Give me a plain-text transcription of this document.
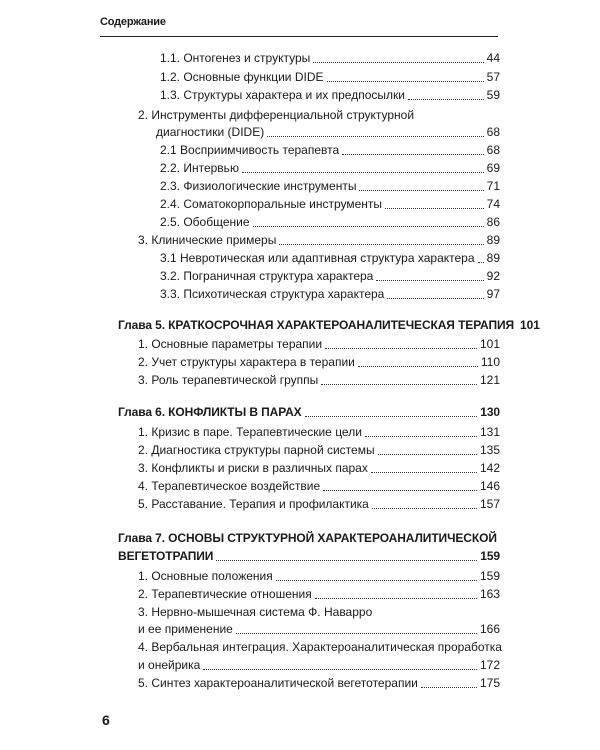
Содержание
1.1. Онтогенез и структуры	44
1.2. Основные функции DIDE	57
1.3. Структуры характера и их предпосылки	59
2. Инструменты дифференциальной структурной
диагностики (DIDE)	68
2.1 Восприимчивость терапевта	68
2.2. Интервью	69
2.3. Физиологические инструменты	71
2.4. Соматокорпоральные инструменты	74
2.5. Обобщение	86
3. Клинические примеры	89
3.1 Невротическая или адаптивная структура характера 89
3.2. Пограничная структура характера	92
3.3. Психотическая структура характера	97
Глава 5. КРАТКОСРОЧНАЯ ХАРАКТЕРОАНАЛИТЕЧЕСКАЯ ТЕРАПИЯ 101
1. Основные параметры терапии	101
2. Учет структуры характера в терапии	110
3. Роль терапевтической группы	121
Глава 6. КОНФЛИКТЫ В ПАРАХ	130
1. Кризис в паре. Терапевтические цели	131
2. Диагностика структуры парной системы	135
3. Конфликты и риски в различных парах	142
4. Терапевтическое воздействие	146
5. Расставание. Терапия и профилактика	157
Глава 7. ОСНОВЫ СТРУКТУРНОЙ ХАРАКТЕРОАНАЛИТИЧЕСКОЙ
ВЕГЕТОТРАПИИ	159
1. Основные положения	159
2. Терапевтические отношения	163
3. Нервно-мышечная система Ф. Наварро
и ее применение	166
4. Вербальная интеграция. Характероаналитическая проработка
и онейрика	172
5. Синтез характероаналитической вегетотерапии	175
6
